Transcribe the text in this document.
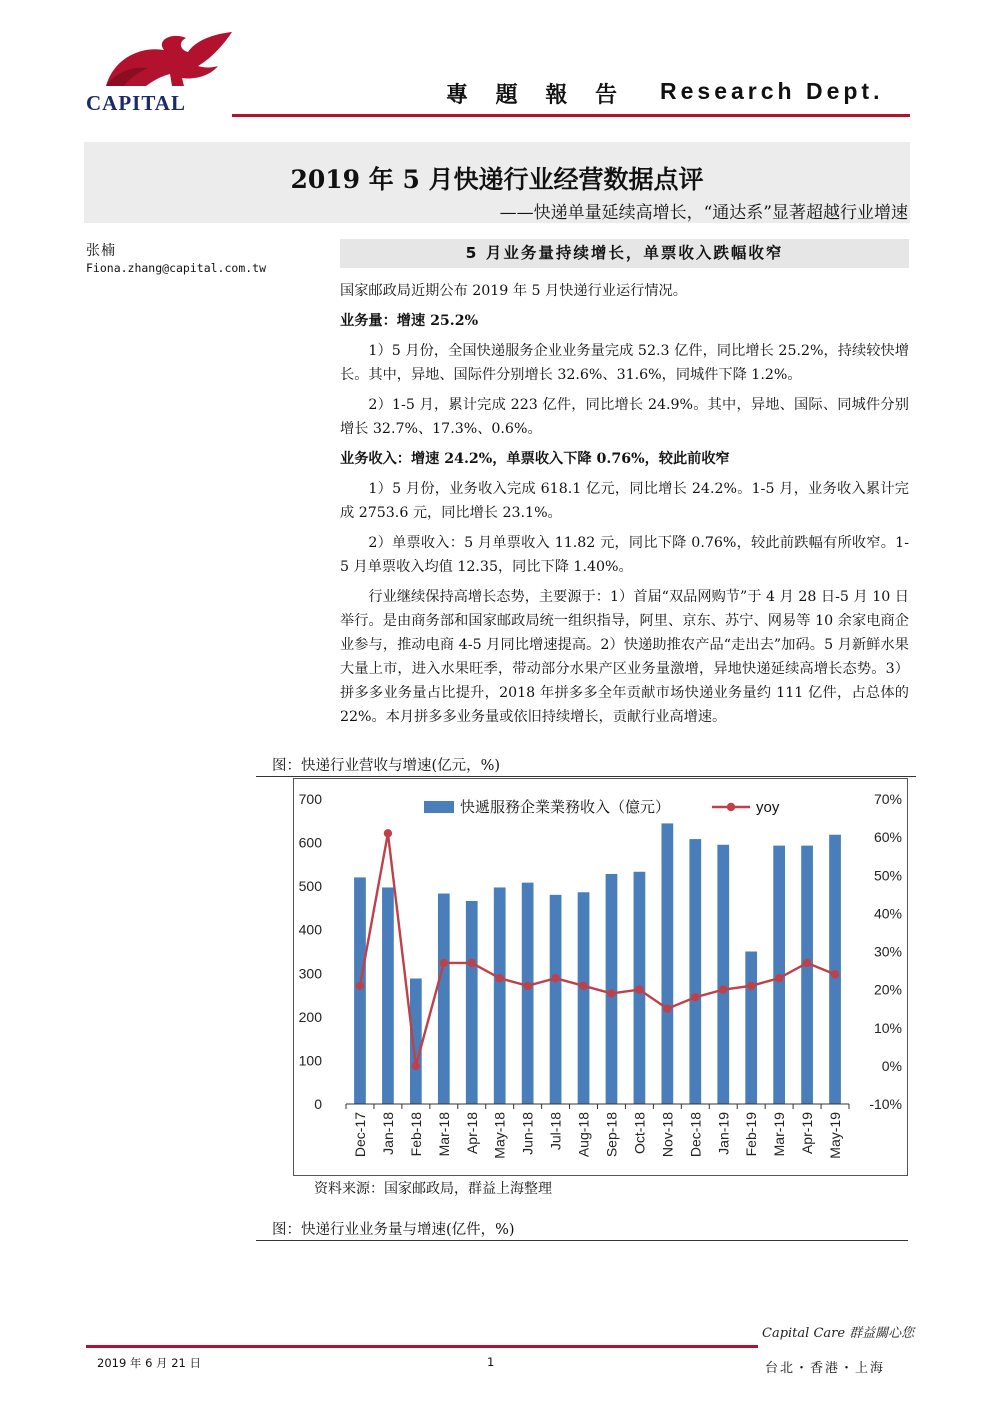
CAPITAL	專 題 報 告 Research Dept.
2019 年 5 月快递行业经营数据点评
——快递单量延续高增长，“通达系”显著超越行业增速
张楠
Fiona.zhang@capital.com.tw
5 月业务量持续增长，单票收入跌幅收窄
国家邮政局近期公布 2019 年 5 月快递行业运行情况。
业务量：增速 25.2%
1）5 月份，全国快递服务企业业务量完成 52.3 亿件，同比增长 25.2%，持续较快增长。其中，异地、国际件分别增长 32.6%、31.6%，同城件下降 1.2%。
2）1-5 月，累计完成 223 亿件，同比增长 24.9%。其中，异地、国际、同城件分别增长 32.7%、17.3%、0.6%。
业务收入：增速 24.2%，单票收入下降 0.76%，较此前收窄
1）5 月份，业务收入完成 618.1 亿元，同比增长 24.2%。1-5 月，业务收入累计完成 2753.6 元，同比增长 23.1%。
2）单票收入：5 月单票收入 11.82 元，同比下降 0.76%，较此前跌幅有所收窄。1-5 月单票收入均值 12.35，同比下降 1.40%。
行业继续保持高增长态势，主要源于：1）首届“双品网购节”于 4 月 28 日-5 月 10 日举行。是由商务部和国家邮政局统一组织指导，阿里、京东、苏宁、网易等 10 余家电商企业参与，推动电商 4-5 月同比增速提高。2）快递助推农产品“走出去”加码。5 月新鲜水果大量上市，进入水果旺季，带动部分水果产区业务量激增，异地快递延续高增长态势。3）拼多多业务量占比提升，2018 年拼多多全年贡献市场快递业务量约 111 亿件，占总体的 22%。本月拼多多业务量或依旧持续增长，贡献行业高增速。
图：快递行业营收与增速(亿元，%)
0
100
200
300
400
500
600
700
-10%
0%
10%
20%
30%
40%
50%
60%
70%
Dec-17 Jan-18 Feb-18 Mar-18 Apr-18 May-18 Jun-18 Jul-18 Aug-18 Sep-18 Oct-18 Nov-18 Dec-18 Jan-19 Feb-19 Mar-19 Apr-19 May-19
快遞服務企業業務收入（億元）	yoy
资料来源：国家邮政局，群益上海整理
图：快递行业业务量与增速(亿件，%)
Capital Care 群益關心您
2019 年 6 月 21 日	1	台北・香港・上海
